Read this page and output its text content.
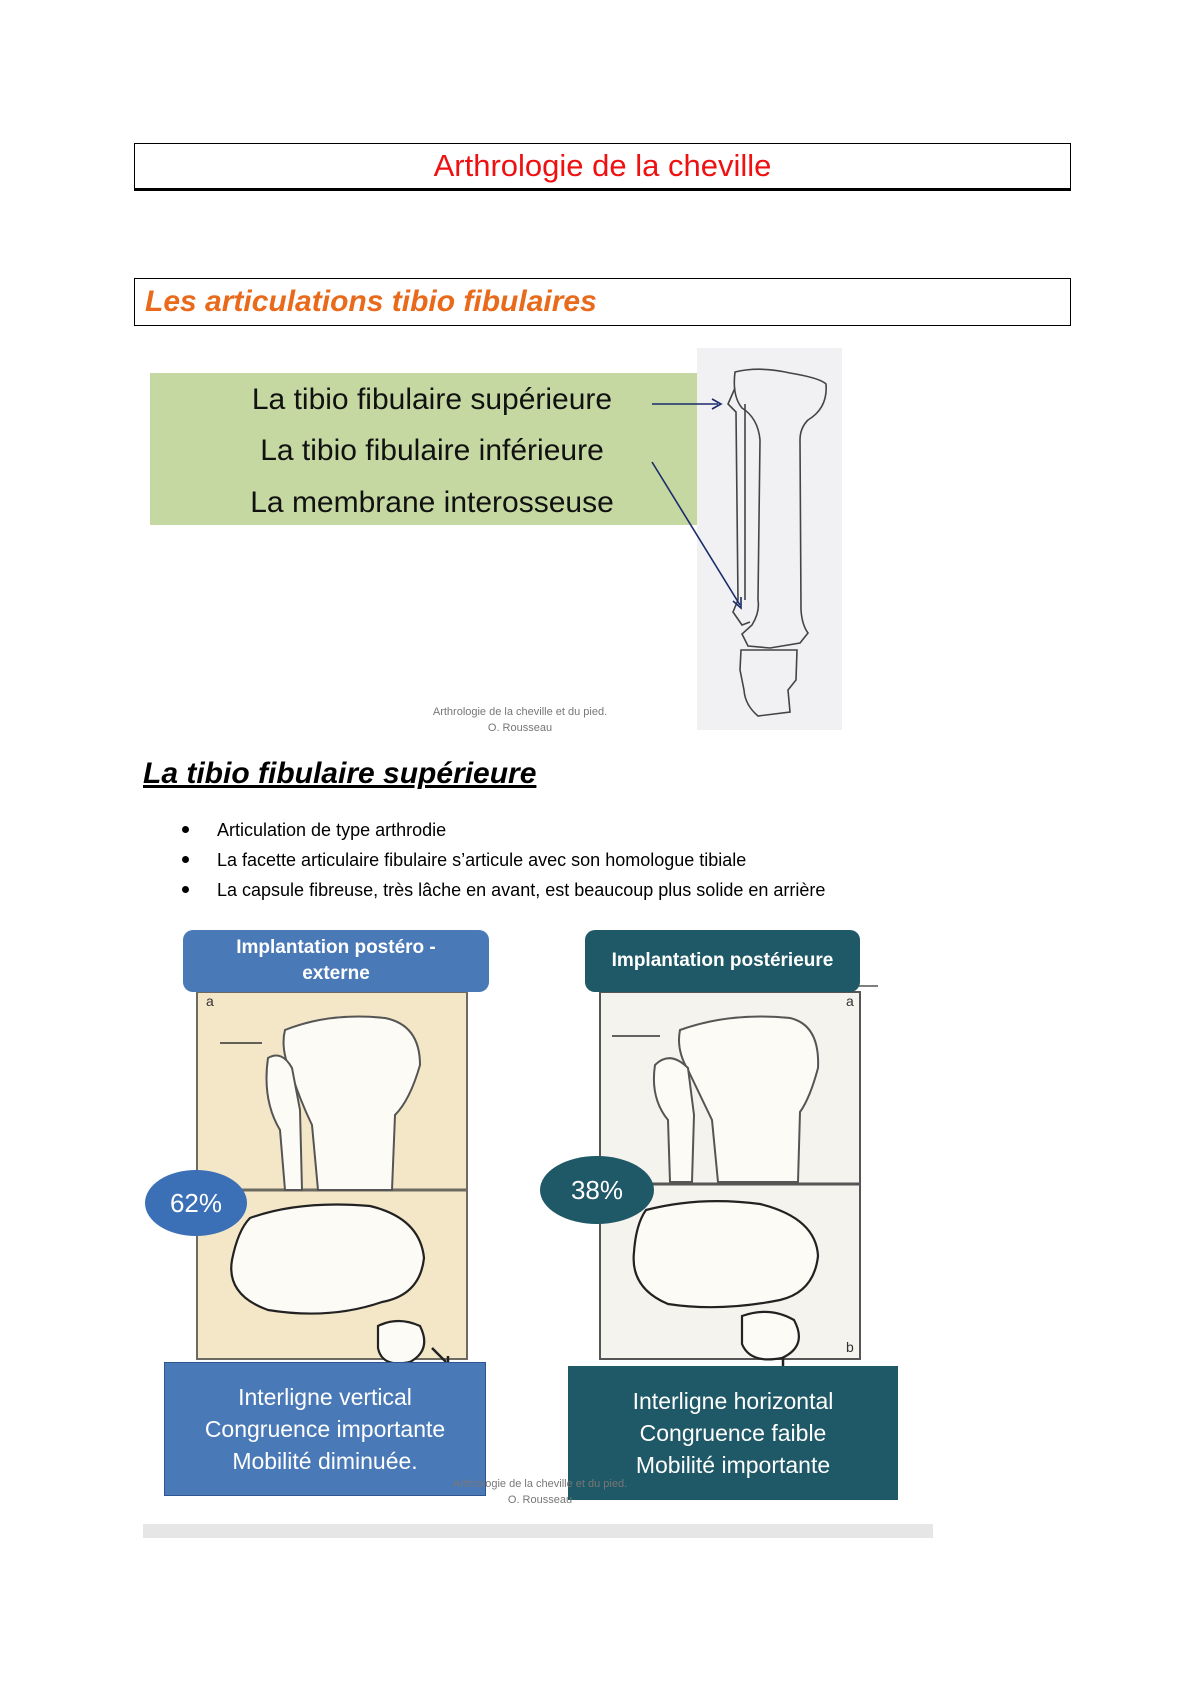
Arthrologie de la cheville
Les articulations tibio fibulaires
La tibio fibulaire supérieure
La tibio fibulaire inférieure
La membrane interosseuse
Arthrologie de la cheville et du pied.
O. Rousseau
La tibio fibulaire supérieure
Articulation de type arthrodie
La facette articulaire fibulaire s’articule avec son homologue tibiale
La capsule fibreuse, très lâche en avant, est beaucoup plus solide en arrière
a	a
b
Implantation postéro -
externe
Implantation postérieure
62%	38%
Interligne vertical
Congruence importante
Mobilité diminuée.
Interligne horizontal
Congruence faible
Mobilité importante
Arthrologie de la cheville et du pied.
O. Rousseau
